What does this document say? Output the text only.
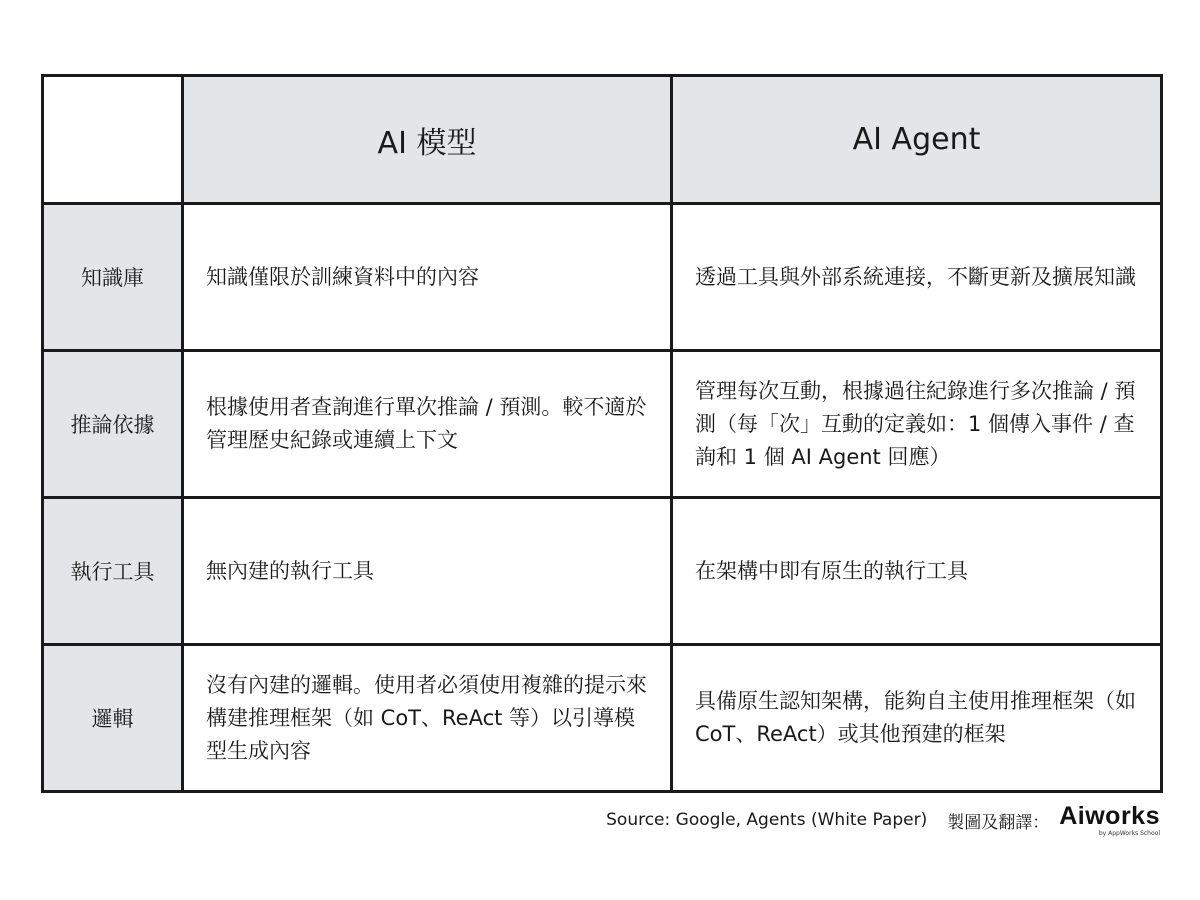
	AI 模型	AI Agent
知識庫	知識僅限於訓練資料中的內容	透過工具與外部系統連接，不斷更新及擴展知識
推論依據	根據使用者查詢進行單次推論 / 預測。較不適於管理歷史紀錄或連續上下文	管理每次互動，根據過往紀錄進行多次推論 / 預測（每「次」互動的定義如：1 個傳入事件 / 查詢和 1 個 AI Agent 回應）
執行工具	無內建的執行工具	在架構中即有原生的執行工具
邏輯	沒有內建的邏輯。使用者必須使用複雜的提示來構建推理框架（如 CoT、ReAct 等）以引導模型生成內容	具備原生認知架構，能夠自主使用推理框架（如 CoT、ReAct）或其他預建的框架
Source: Google, Agents (White Paper) 製圖及翻譯： Aiworks
by AppWorks School
